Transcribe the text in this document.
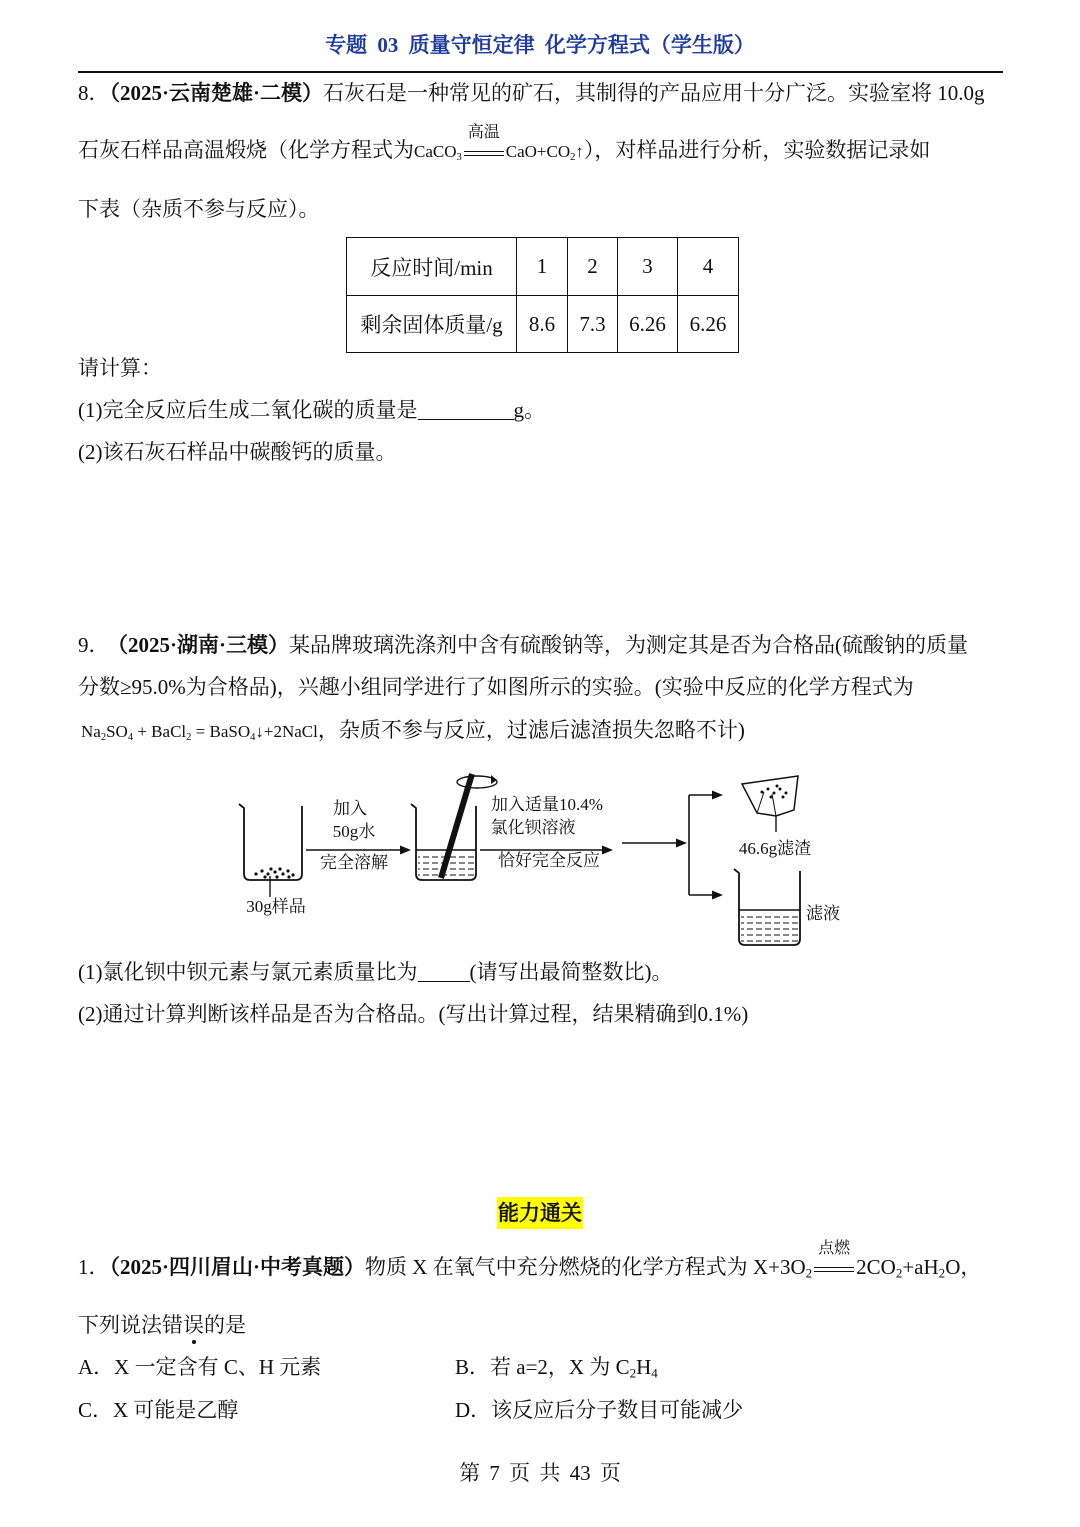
专题 03 质量守恒定律 化学方程式（学生版）
8．（2025·云南楚雄·二模）石灰石是一种常见的矿石，其制得的产品应用十分广泛。实验室将 10.0g
石灰石样品高温煅烧（化学方程式为CaCO$_3$
高温
$CaO+CO_2↑$），对样品进行分析，实验数据记录如
下表（杂质不参与反应）。
反应时间/min	1	2	3	4
剩余固体质量/g	8.6	7.3	6.26	6.26
请计算：
(1)完全反应后生成二氧化碳的质量是	g。
(2)该石灰石样品中碳酸钙的质量。
9． （2025·湖南·三模）某品牌玻璃洗涤剂中含有硫酸钠等，为测定其是否为合格品(硫酸钠的质量
分数≥95.0%为合格品)，兴趣小组同学进行了如图所示的实验。(实验中反应的化学方程式为
$Na_2SO_4$ + BaCl$_2$ = BaSO$_4$↓+2NaCl，杂质不参与反应，过滤后滤渣损失忽略不计)
30g样品
加入
50g水
完全溶解
加入适量10.4%
氯化钡溶液
恰好完全反应
46.6g滤渣
滤液
(1)氯化钡中钡元素与氯元素质量比为 (请写出最简整数比)。
(2)通过计算判断该样品是否为合格品。(写出计算过程，结果精确到0.1%)
能力通关
1．（2025·四川眉山·中考真题）物质 X 在氧气中充分燃烧的化学方程式为 $X+3O_2$
点燃
$2CO_2+aH_2O$，
下列说法错误的是
A．X 一定含有 C、H 元素	B．若 a=2，X 为 $C_2H_4$
C．X 可能是乙醇	D．该反应后分子数目可能减少
第 7 页 共 43 页
